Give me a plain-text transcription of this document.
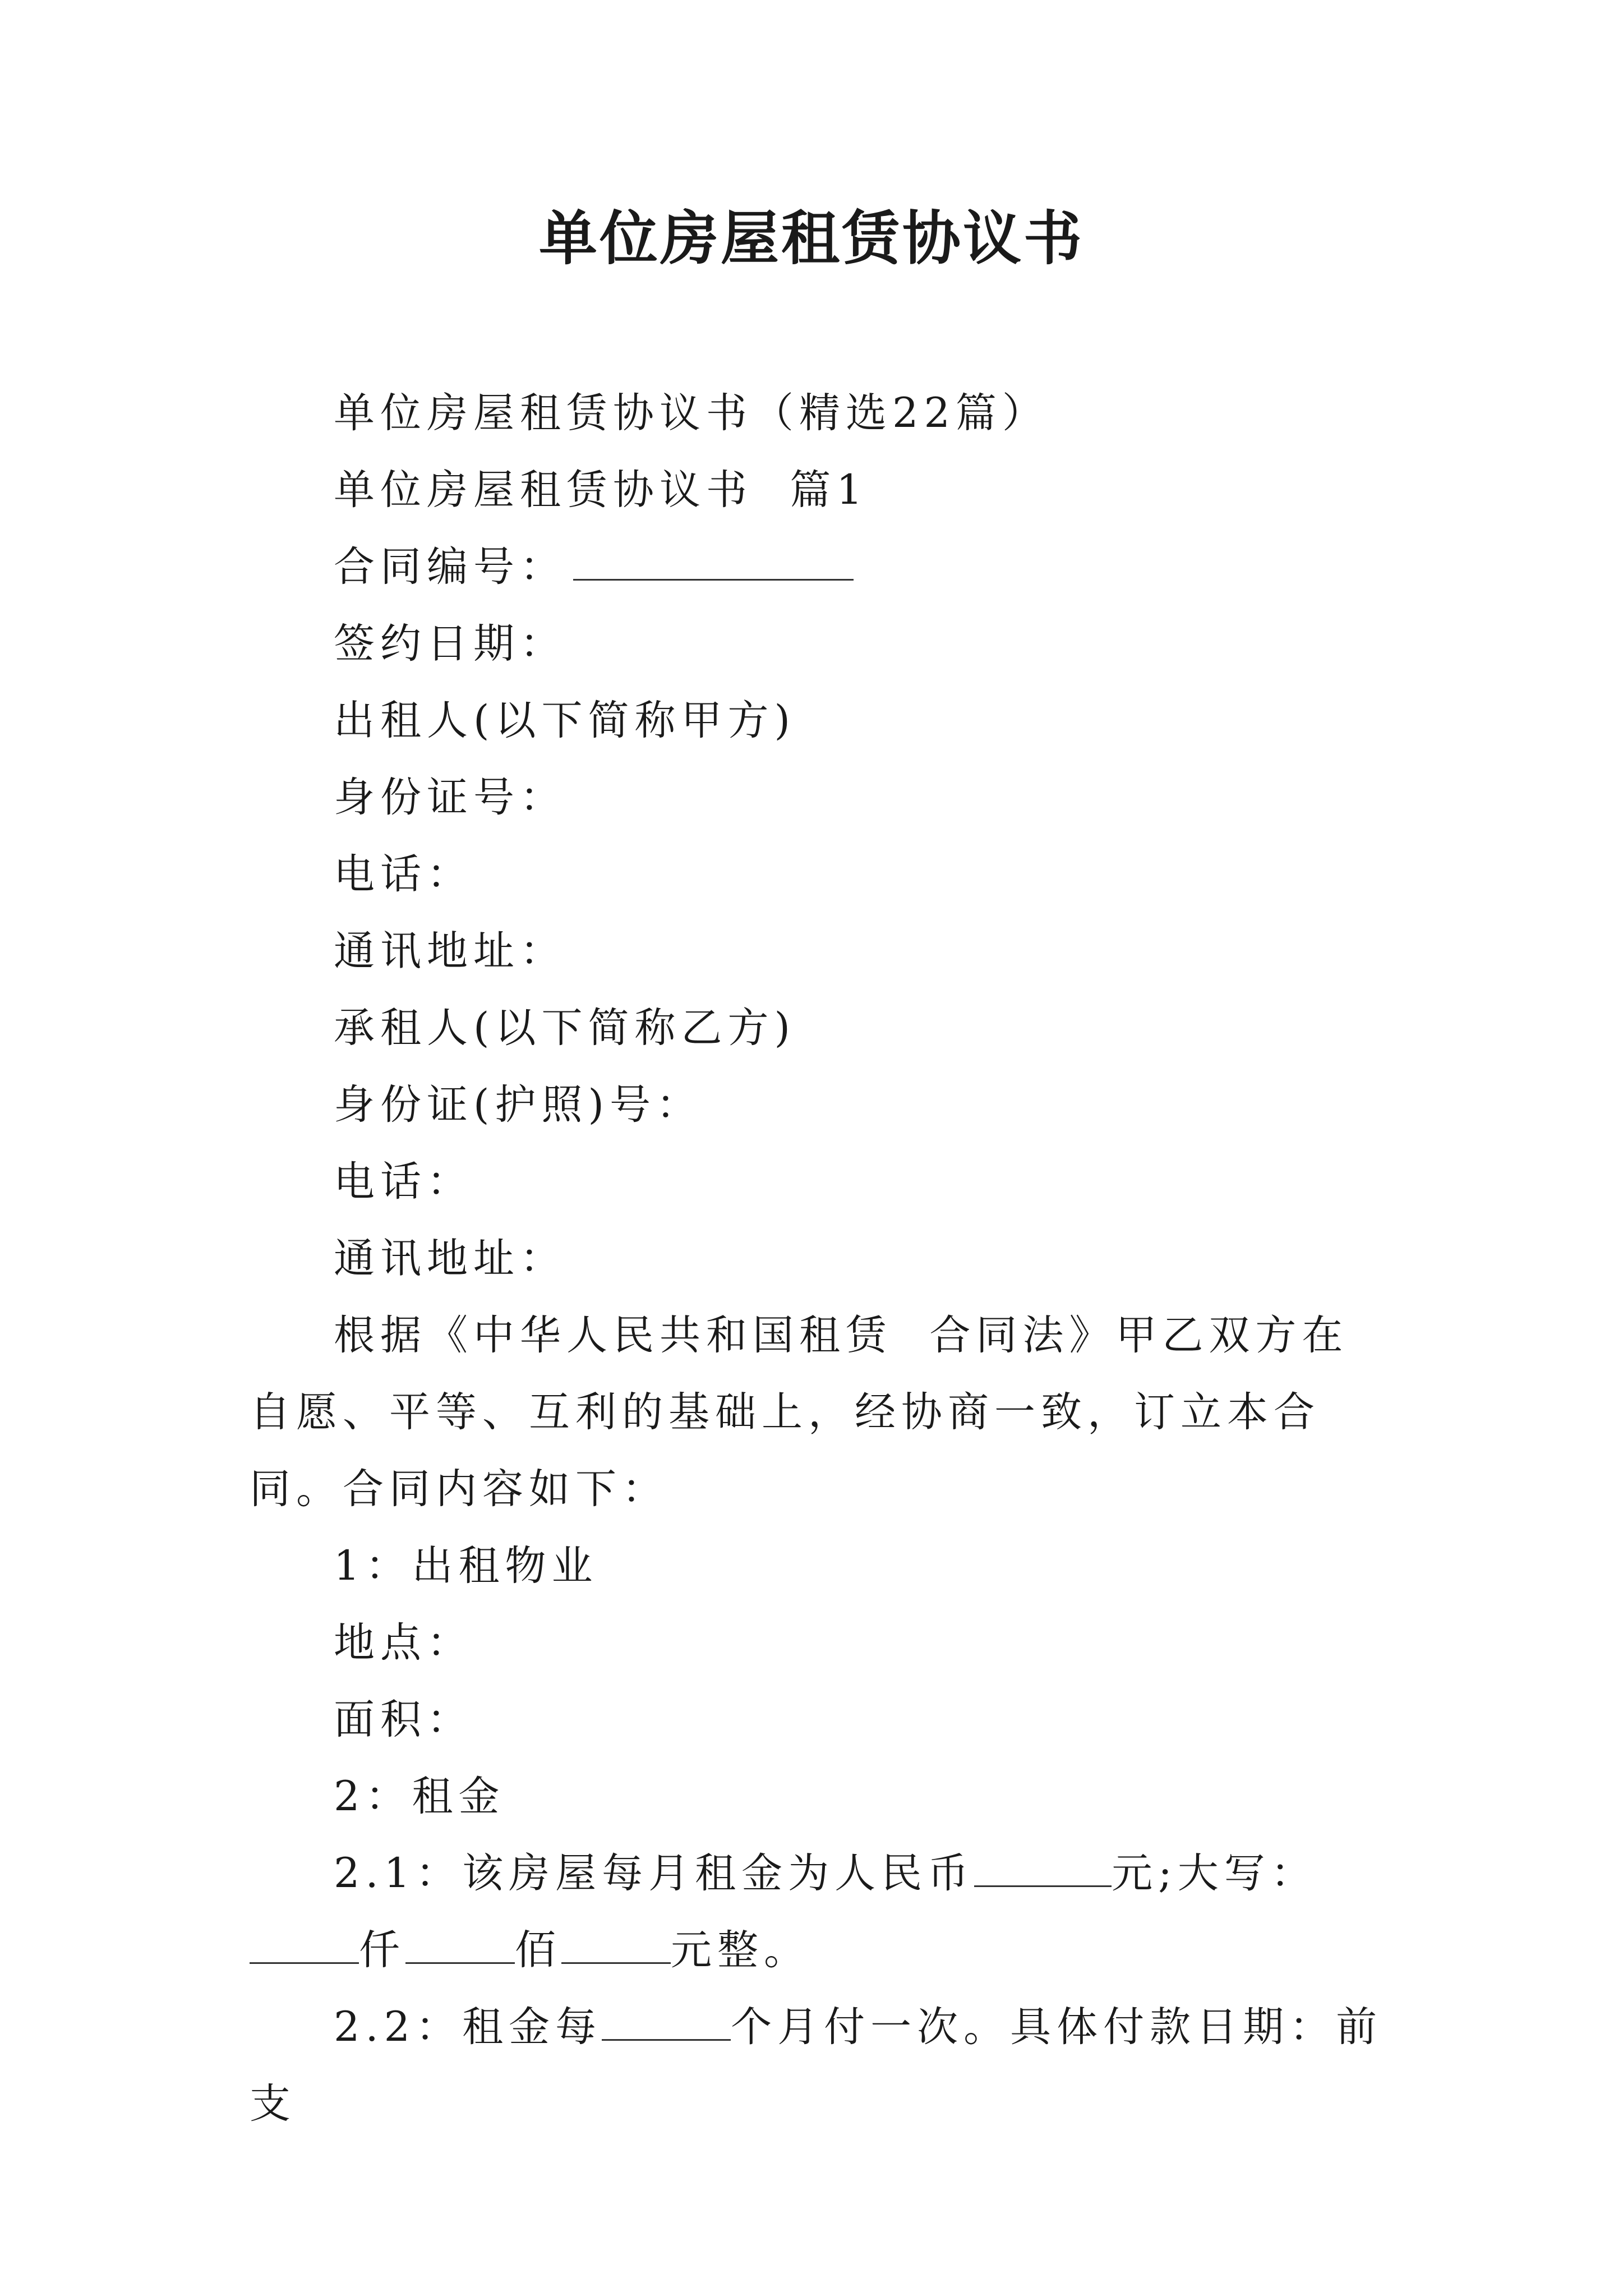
单位房屋租赁协议书

单位房屋租赁协议书（精选22篇）

单位房屋租赁协议书  篇1

合同编号：

签约日期：

出租人(以下简称甲方)

身份证号：

电话：

通讯地址：

承租人(以下简称乙方)

身份证(护照)号：

电话：

通讯地址：

根据《中华人民共和国租赁  合同法》甲乙双方在自愿、平等、互利的基础上，经协商一致，订立本合同。合同内容如下：

1：出租物业

地点：

面积：

2：租金

2.1：该房屋每月租金为人民币	元;大写：仟	佰	元整。

2.2：租金每	个月付一次。具体付款日期：前支
